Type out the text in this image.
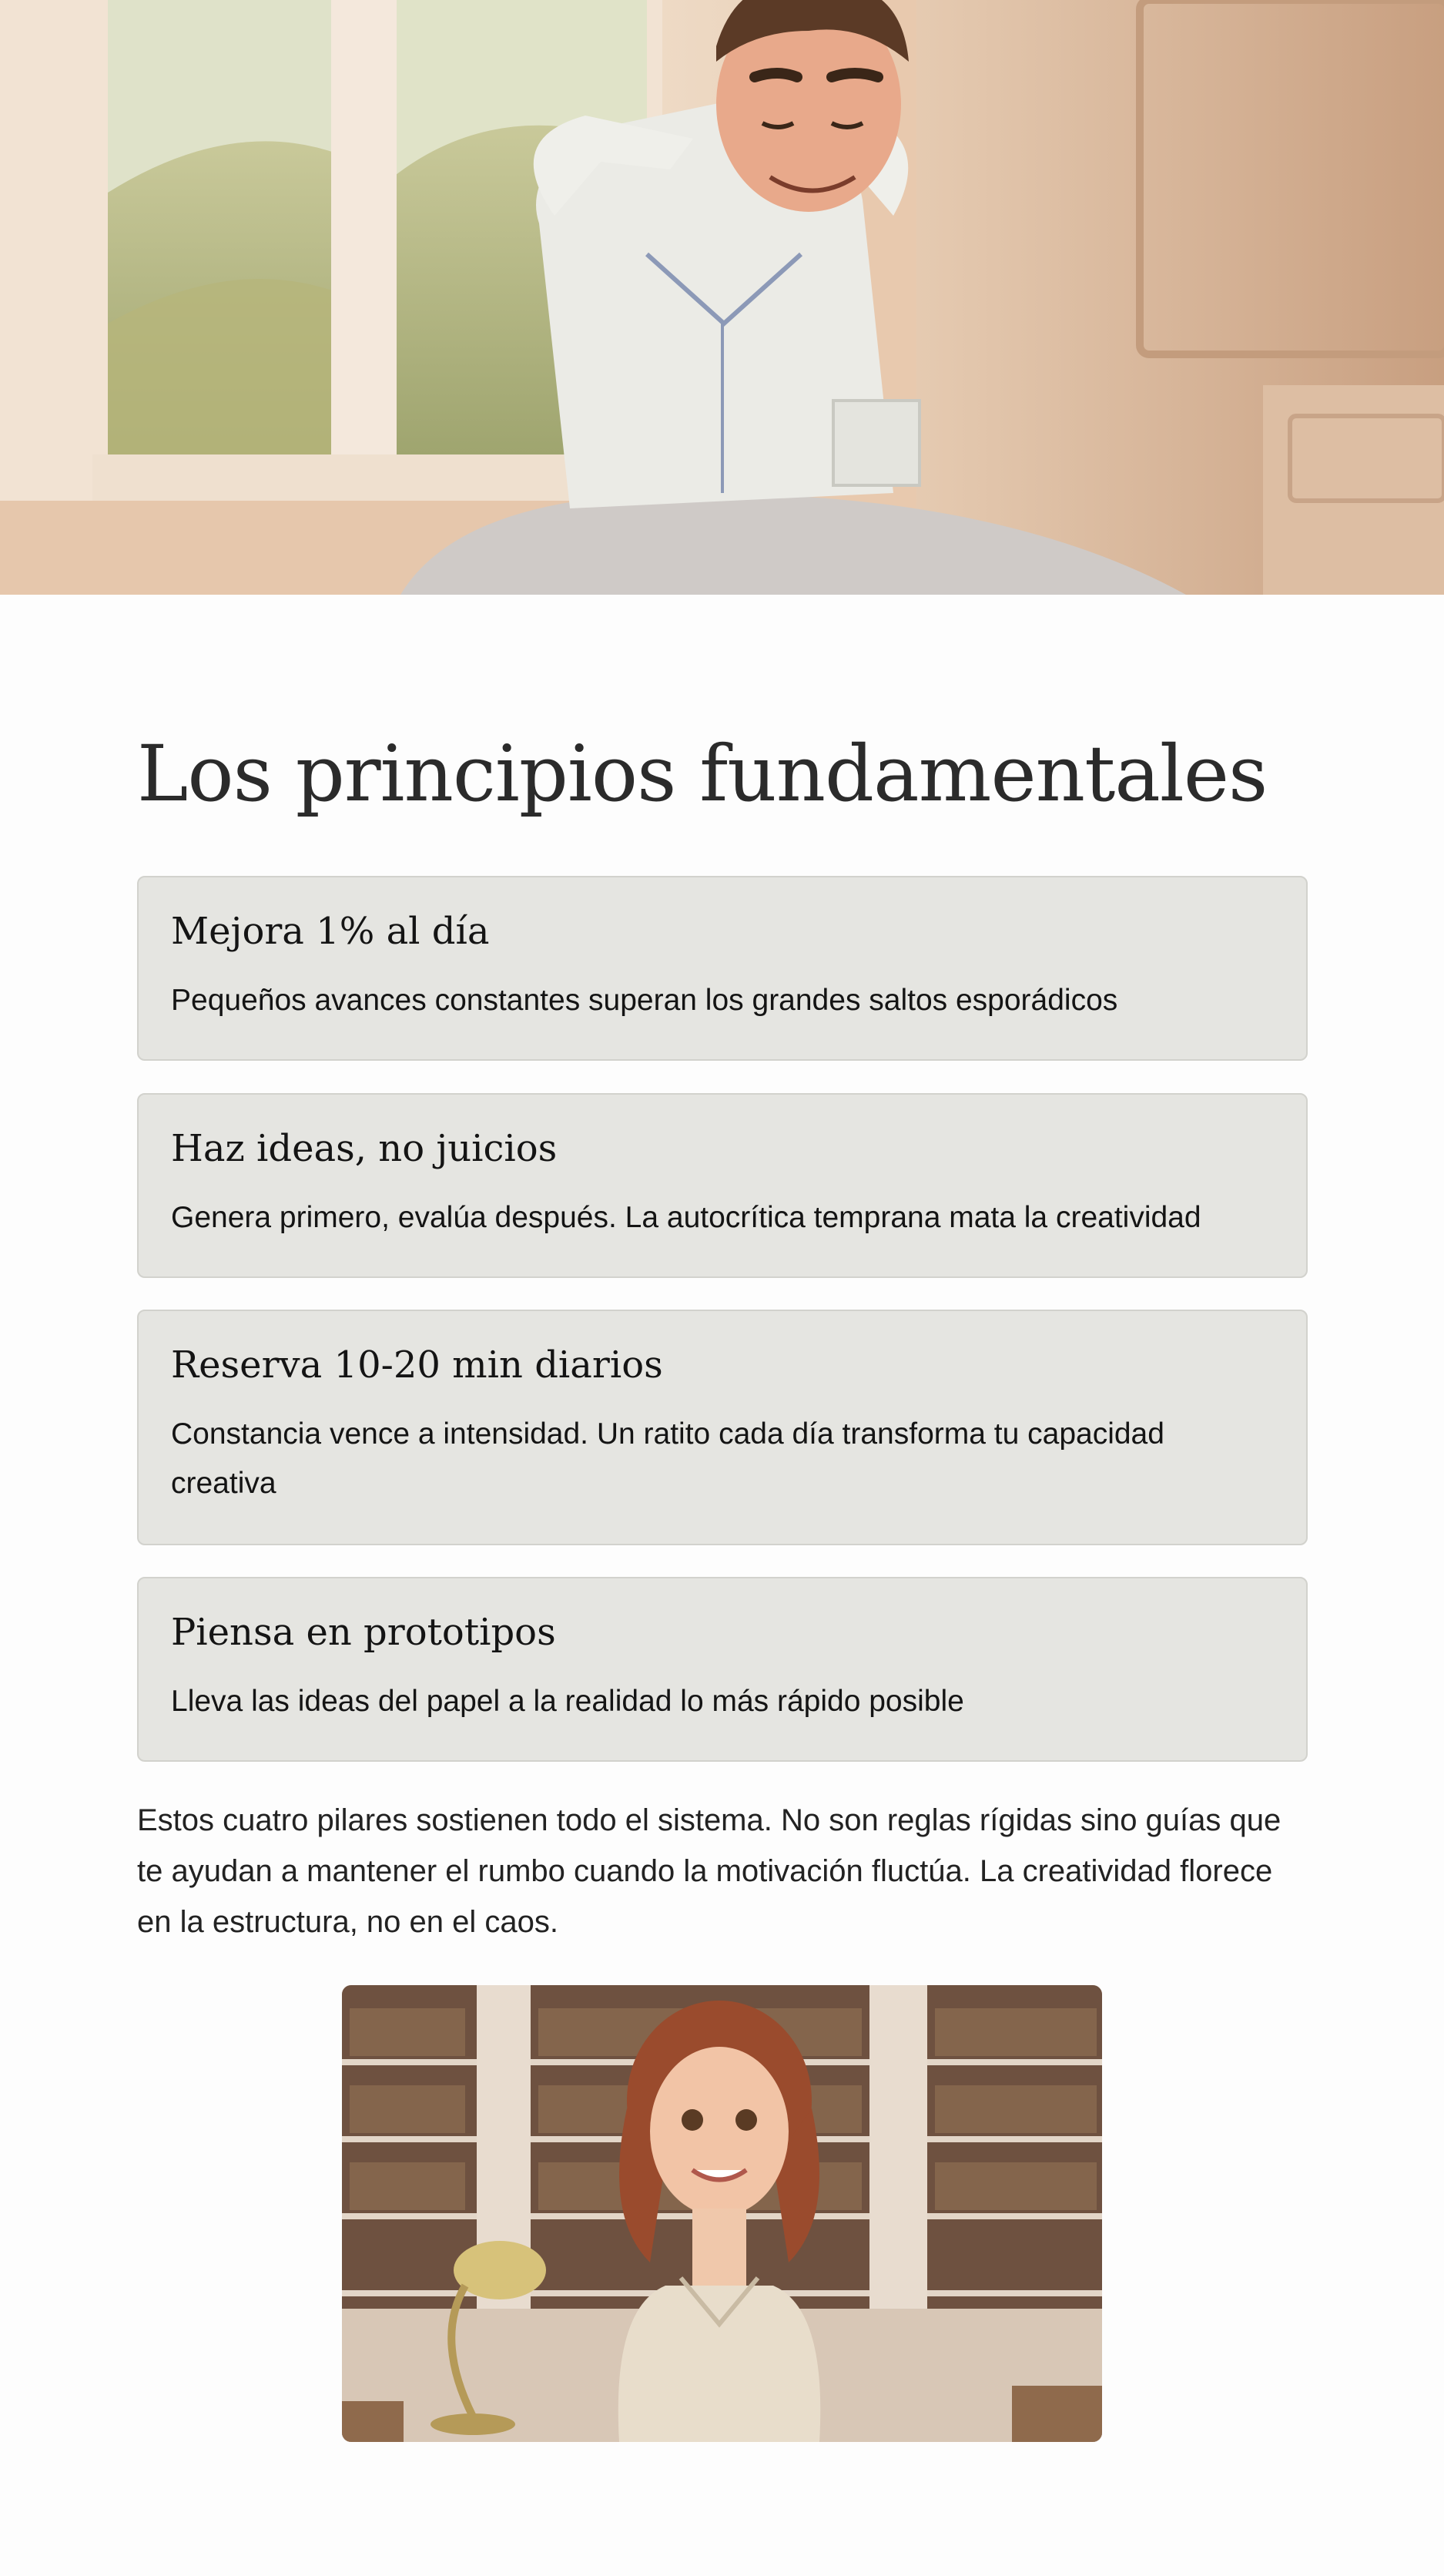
Los principios fundamentales
Mejora 1% al día

Pequeños avances constantes superan los grandes saltos esporádicos

Haz ideas, no juicios

Genera primero, evalúa después. La autocrítica temprana mata la creatividad

Reserva 10-20 min diarios

Constancia vence a intensidad. Un ratito cada día transforma tu capacidad creativa

Piensa en prototipos

Lleva las ideas del papel a la realidad lo más rápido posible

Estos cuatro pilares sostienen todo el sistema. No son reglas rígidas sino guías que te ayudan a mantener el rumbo cuando la motivación fluctúa. La creatividad florece en la estructura, no en el caos.
